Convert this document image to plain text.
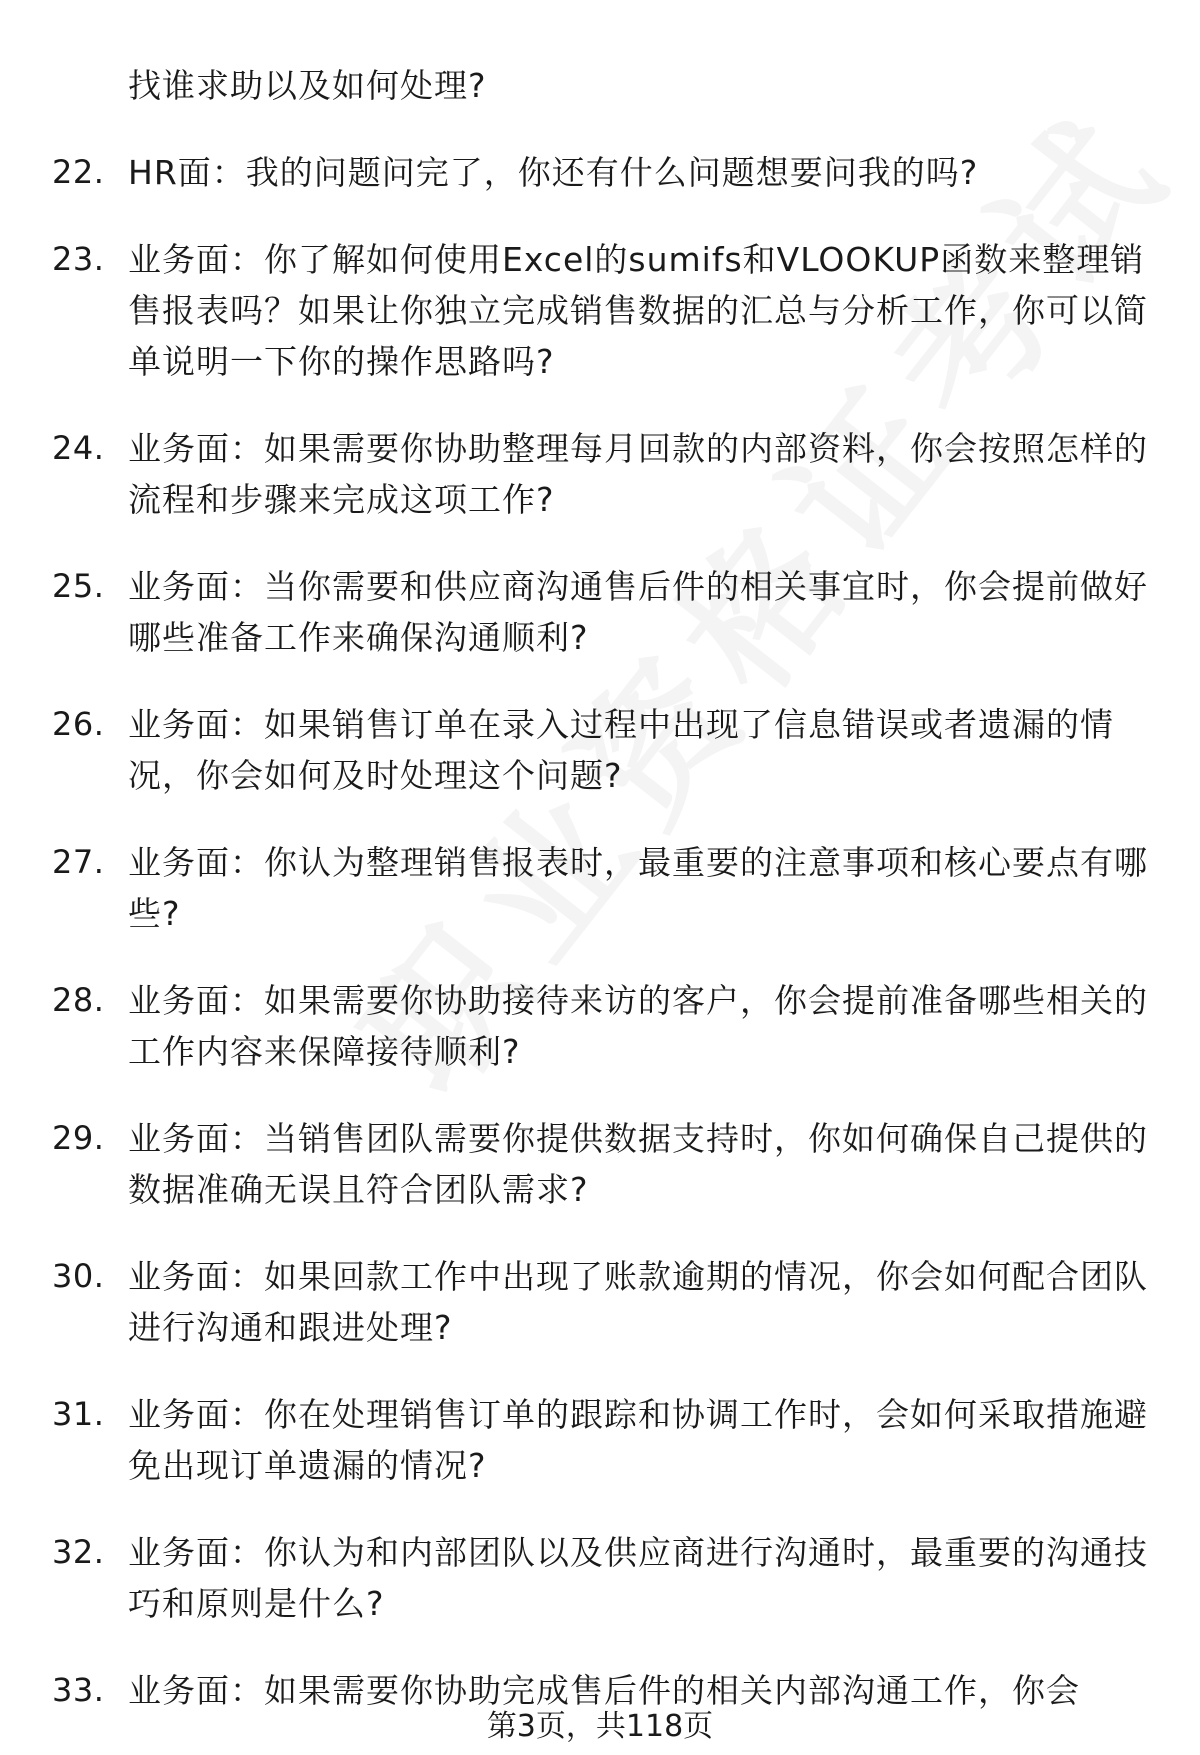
找谁求助以及如何处理?
22. HR面：我的问题问完了，你还有什么问题想要问我的吗?
23. 业务面：你了解如何使用Excel的sumifs和VLOOKUP函数来整理销售报表吗？如果让你独立完成销售数据的汇总与分析工作，你可以简单说明一下你的操作思路吗?
24. 业务面：如果需要你协助整理每月回款的内部资料，你会按照怎样的流程和步骤来完成这项工作?
25. 业务面：当你需要和供应商沟通售后件的相关事宜时，你会提前做好哪些准备工作来确保沟通顺利?
26. 业务面：如果销售订单在录入过程中出现了信息错误或者遗漏的情况，你会如何及时处理这个问题?
27. 业务面：你认为整理销售报表时，最重要的注意事项和核心要点有哪些?
28. 业务面：如果需要你协助接待来访的客户，你会提前准备哪些相关的工作内容来保障接待顺利?
29. 业务面：当销售团队需要你提供数据支持时，你如何确保自己提供的数据准确无误且符合团队需求?
30. 业务面：如果回款工作中出现了账款逾期的情况，你会如何配合团队进行沟通和跟进处理?
31. 业务面：你在处理销售订单的跟踪和协调工作时，会如何采取措施避免出现订单遗漏的情况?
32. 业务面：你认为和内部团队以及供应商进行沟通时，最重要的沟通技巧和原则是什么?
33. 业务面：如果需要你协助完成售后件的相关内部沟通工作，你会
第3页，共118页
